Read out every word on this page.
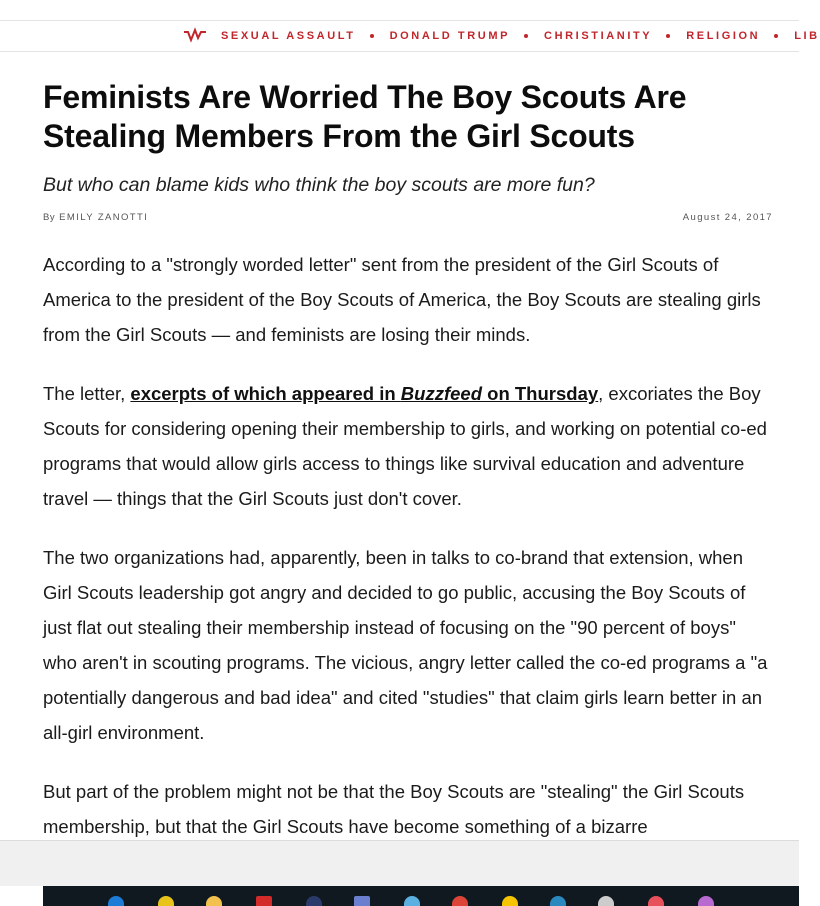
SEXUAL ASSAULT	DONALD TRUMP	CHRISTIANITY	RELIGION	LIB
Feminists Are Worried The Boy Scouts Are Stealing Members From the Girl Scouts
But who can blame kids who think the boy scouts are more fun?
By EMILY ZANOTTI	August 24, 2017

According to a "strongly worded letter" sent from the president of the Girl Scouts of America to the president of the Boy Scouts of America, the Boy Scouts are stealing girls from the Girl Scouts — and feminists are losing their minds.

The letter, excerpts of which appeared in Buzzfeed on Thursday, excoriates the Boy Scouts for considering opening their membership to girls, and working on potential co-ed programs that would allow girls access to things like survival education and adventure travel — things that the Girl Scouts just don't cover.

The two organizations had, apparently, been in talks to co-brand that extension, when Girl Scouts leadership got angry and decided to go public, accusing the Boy Scouts of just flat out stealing their membership instead of focusing on the "90 percent of boys" who aren't in scouting programs. The vicious, angry letter called the co-ed programs a "a potentially dangerous and bad idea" and cited "studies" that claim girls learn better in an all-girl environment.

But part of the problem might not be that the Boy Scouts are "stealing" the Girl Scouts membership, but that the Girl Scouts have become something of a bizarre
